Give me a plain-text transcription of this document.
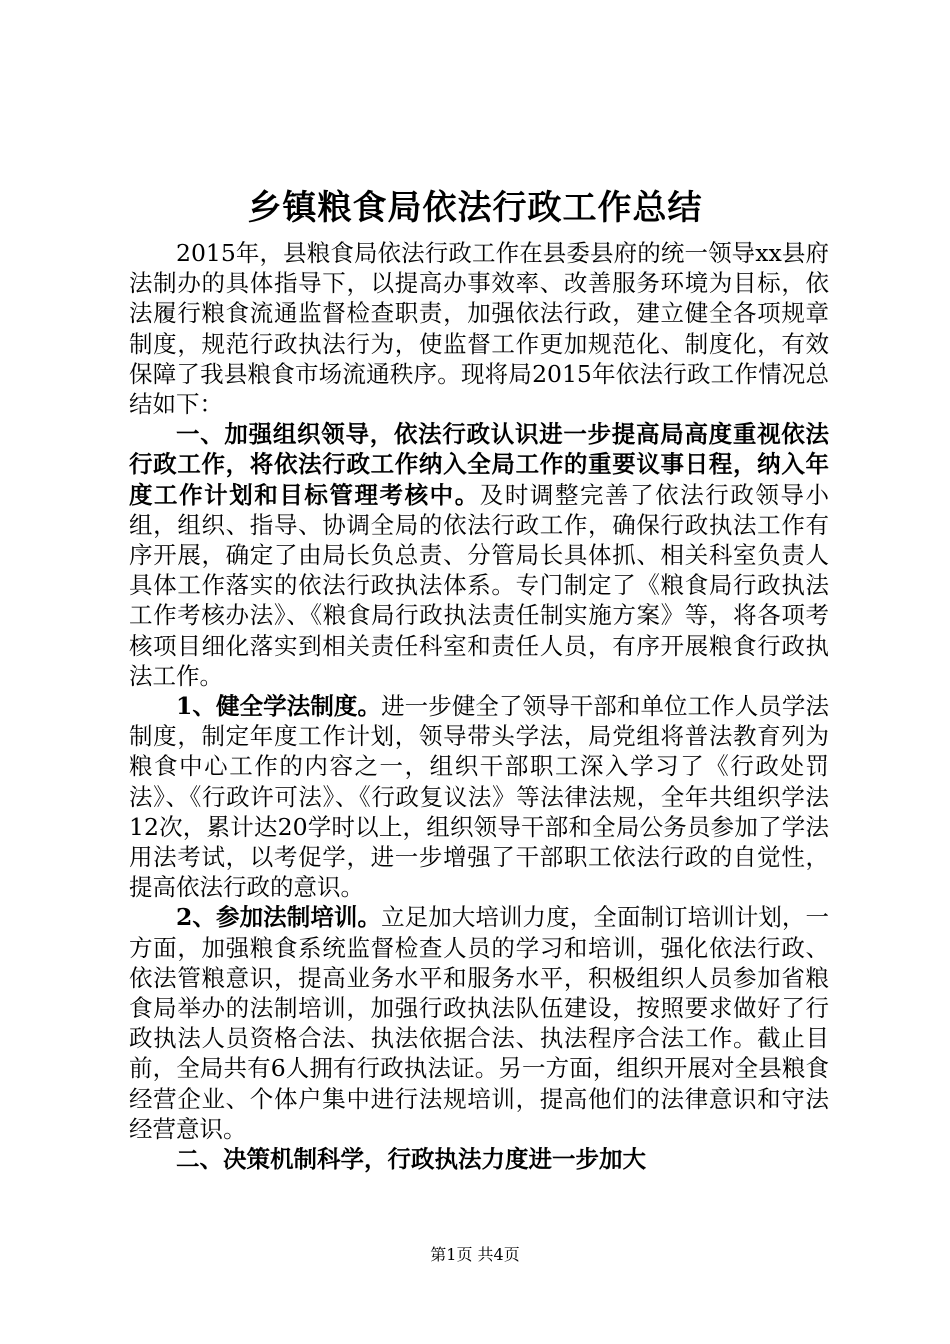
乡镇粮食局依法行政工作总结

2015年，县粮食局依法行政工作在县委县府的统一领导xx县府法制办的具体指导下，以提高办事效率、改善服务环境为目标，依法履行粮食流通监督检查职责，加强依法行政，建立健全各项规章制度，规范行政执法行为，使监督工作更加规范化、制度化，有效保障了我县粮食市场流通秩序。现将局2015年依法行政工作情况总结如下：

一、加强组织领导，依法行政认识进一步提高局高度重视依法行政工作，将依法行政工作纳入全局工作的重要议事日程，纳入年度工作计划和目标管理考核中。及时调整完善了依法行政领导小组，组织、指导、协调全局的依法行政工作，确保行政执法工作有序开展，确定了由局长负总责、分管局长具体抓、相关科室负责人具体工作落实的依法行政执法体系。专门制定了《粮食局行政执法工作考核办法》、《粮食局行政执法责任制实施方案》等，将各项考核项目细化落实到相关责任科室和责任人员，有序开展粮食行政执法工作。

1、健全学法制度。进一步健全了领导干部和单位工作人员学法制度，制定年度工作计划，领导带头学法，局党组将普法教育列为粮食中心工作的内容之一，组织干部职工深入学习了《行政处罚法》、《行政许可法》、《行政复议法》等法律法规，全年共组织学法12次，累计达20学时以上，组织领导干部和全局公务员参加了学法用法考试，以考促学，进一步增强了干部职工依法行政的自觉性，提高依法行政的意识。

2、参加法制培训。立足加大培训力度，全面制订培训计划，一方面，加强粮食系统监督检查人员的学习和培训，强化依法行政、依法管粮意识，提高业务水平和服务水平，积极组织人员参加省粮食局举办的法制培训，加强行政执法队伍建设，按照要求做好了行政执法人员资格合法、执法依据合法、执法程序合法工作。截止目前，全局共有6人拥有行政执法证。另一方面，组织开展对全县粮食经营企业、个体户集中进行法规培训，提高他们的法律意识和守法经营意识。

二、决策机制科学，行政执法力度进一步加大

第1页 共4页
